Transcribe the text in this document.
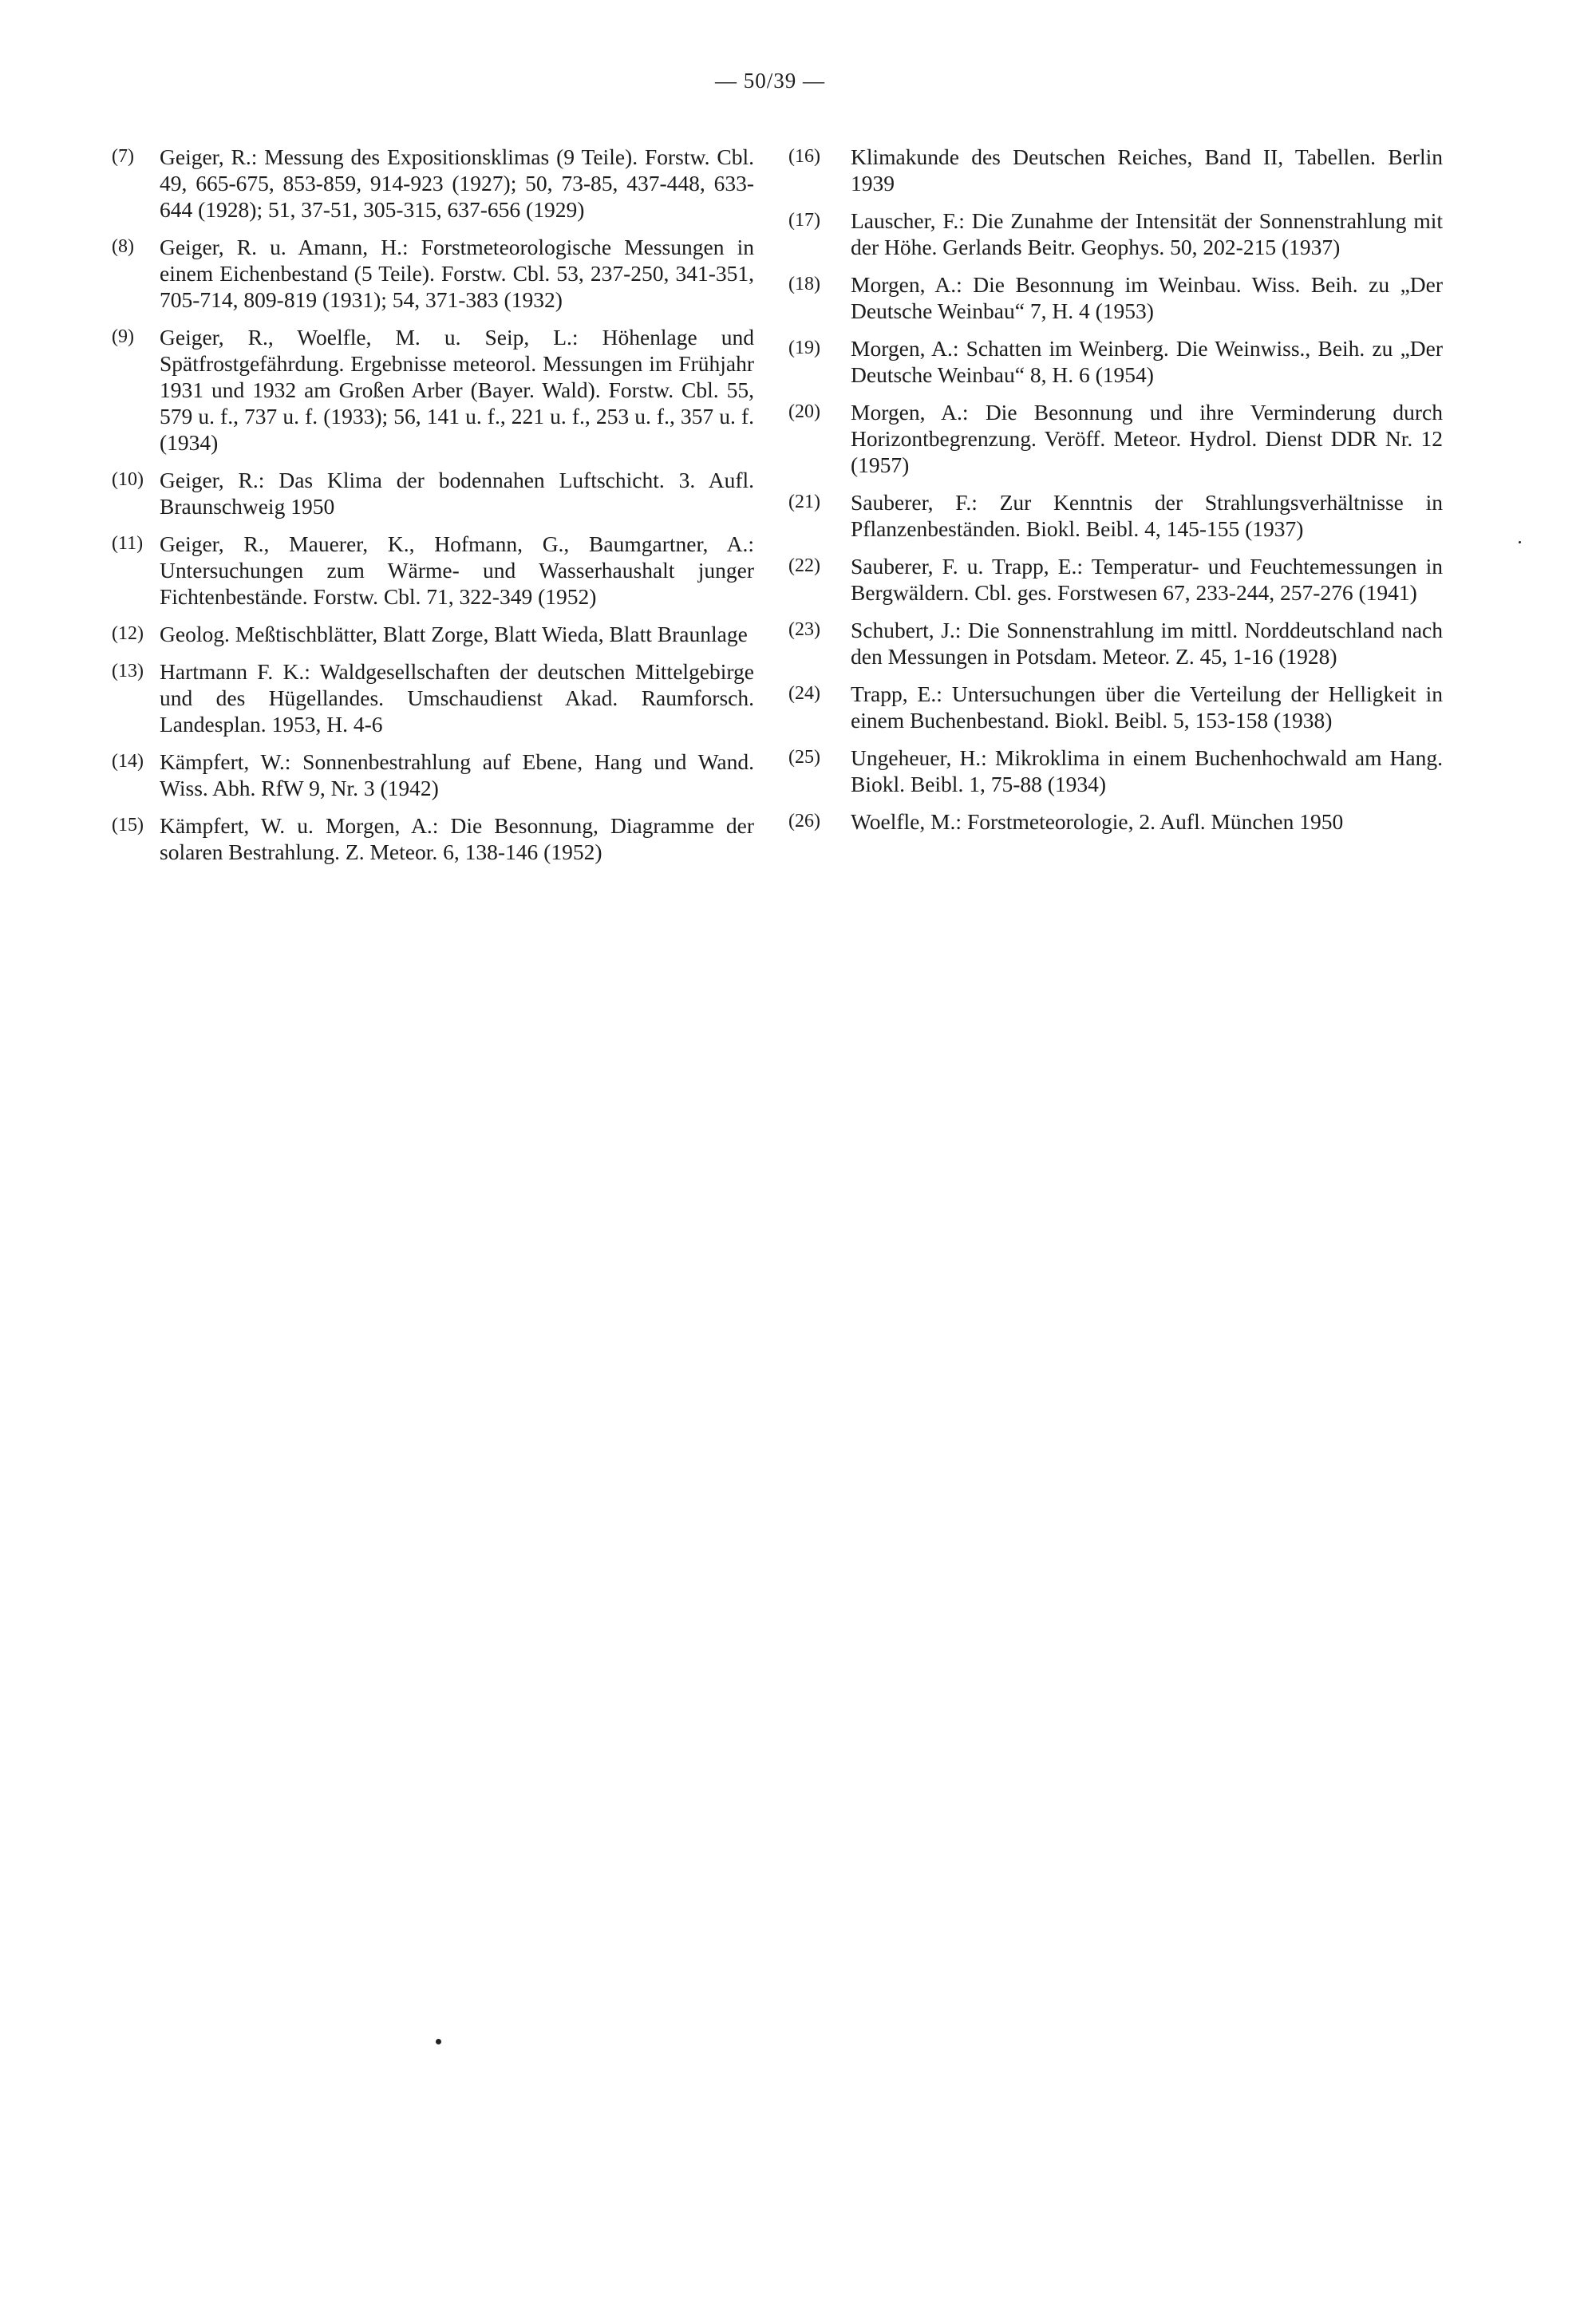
— 50/39 —
(7) Geiger, R.: Messung des Expositionsklimas (9 Teile). Forstw. Cbl. 49, 665-675, 853-859, 914-923 (1927); 50, 73-85, 437-448, 633-644 (1928); 51, 37-51, 305-315, 637-656 (1929)
(8) Geiger, R. u. Amann, H.: Forstmeteorologische Messungen in einem Eichenbestand (5 Teile). Forstw. Cbl. 53, 237-250, 341-351, 705-714, 809-819 (1931); 54, 371-383 (1932)
(9) Geiger, R., Woelfle, M. u. Seip, L.: Höhenlage und Spätfrostgefährdung. Ergebnisse meteorol. Messungen im Frühjahr 1931 und 1932 am Großen Arber (Bayer. Wald). Forstw. Cbl. 55, 579 u. f., 737 u. f. (1933); 56, 141 u. f., 221 u. f., 253 u. f., 357 u. f. (1934)
(10) Geiger, R.: Das Klima der bodennahen Luftschicht. 3. Aufl. Braunschweig 1950
(11) Geiger, R., Mauerer, K., Hofmann, G., Baumgartner, A.: Untersuchungen zum Wärme- und Wasserhaushalt junger Fichtenbestände. Forstw. Cbl. 71, 322-349 (1952)
(12) Geolog. Meßtischblätter, Blatt Zorge, Blatt Wieda, Blatt Braunlage
(13) Hartmann F. K.: Waldgesellschaften der deutschen Mittelgebirge und des Hügellandes. Umschaudienst Akad. Raumforsch. Landesplan. 1953, H. 4-6
(14) Kämpfert, W.: Sonnenbestrahlung auf Ebene, Hang und Wand. Wiss. Abh. RfW 9, Nr. 3 (1942)
(15) Kämpfert, W. u. Morgen, A.: Die Besonnung, Diagramme der solaren Bestrahlung. Z. Meteor. 6, 138-146 (1952)
(16) Klimakunde des Deutschen Reiches, Band II, Tabellen. Berlin 1939
(17) Lauscher, F.: Die Zunahme der Intensität der Sonnenstrahlung mit der Höhe. Gerlands Beitr. Geophys. 50, 202-215 (1937)
(18) Morgen, A.: Die Besonnung im Weinbau. Wiss. Beih. zu „Der Deutsche Weinbau“ 7, H. 4 (1953)
(19) Morgen, A.: Schatten im Weinberg. Die Weinwiss., Beih. zu „Der Deutsche Weinbau“ 8, H. 6 (1954)
(20) Morgen, A.: Die Besonnung und ihre Verminderung durch Horizontbegrenzung. Veröff. Meteor. Hydrol. Dienst DDR Nr. 12 (1957)
(21) Sauberer, F.: Zur Kenntnis der Strahlungsverhältnisse in Pflanzenbeständen. Biokl. Beibl. 4, 145-155 (1937)
(22) Sauberer, F. u. Trapp, E.: Temperatur- und Feuchtemessungen in Bergwäldern. Cbl. ges. Forstwesen 67, 233-244, 257-276 (1941)
(23) Schubert, J.: Die Sonnenstrahlung im mittl. Norddeutschland nach den Messungen in Potsdam. Meteor. Z. 45, 1-16 (1928)
(24) Trapp, E.: Untersuchungen über die Verteilung der Helligkeit in einem Buchenbestand. Biokl. Beibl. 5, 153-158 (1938)
(25) Ungeheuer, H.: Mikroklima in einem Buchenhochwald am Hang. Biokl. Beibl. 1, 75-88 (1934)
(26) Woelfle, M.: Forstmeteorologie, 2. Aufl. München 1950
